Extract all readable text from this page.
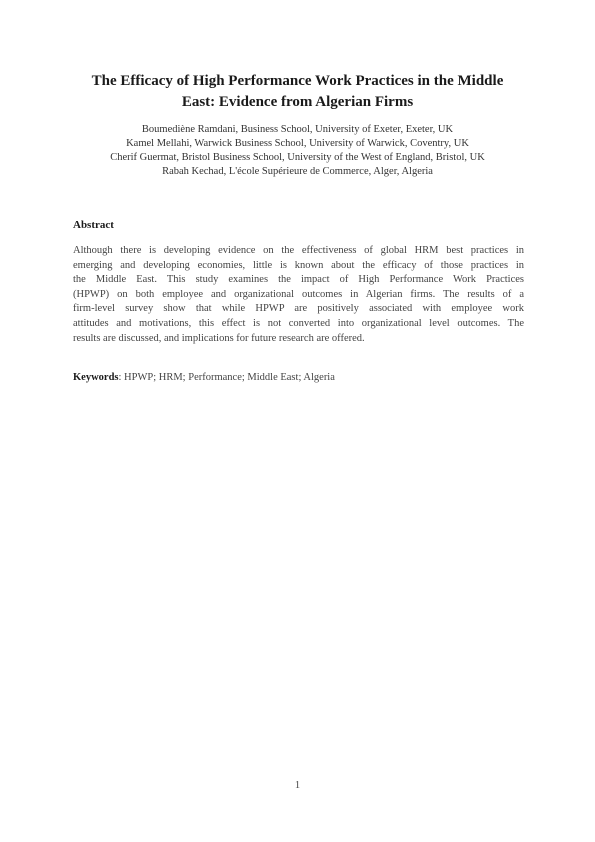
The Efficacy of High Performance Work Practices in the Middle
East: Evidence from Algerian Firms
Boumediène Ramdani, Business School, University of Exeter, Exeter, UK
Kamel Mellahi, Warwick Business School, University of Warwick, Coventry, UK
Cherif Guermat, Bristol Business School, University of the West of England, Bristol, UK
Rabah Kechad, L'école Supérieure de Commerce, Alger, Algeria
Abstract
Although there is developing evidence on the effectiveness of global HRM best practices in
emerging and developing economies, little is known about the efficacy of those practices in
the Middle East. This study examines the impact of High Performance Work Practices
(HPWP) on both employee and organizational outcomes in Algerian firms. The results of a
firm-level survey show that while HPWP are positively associated with employee work
attitudes and motivations, this effect is not converted into organizational level outcomes. The
results are discussed, and implications for future research are offered.
Keywords: HPWP; HRM; Performance; Middle East; Algeria
1
